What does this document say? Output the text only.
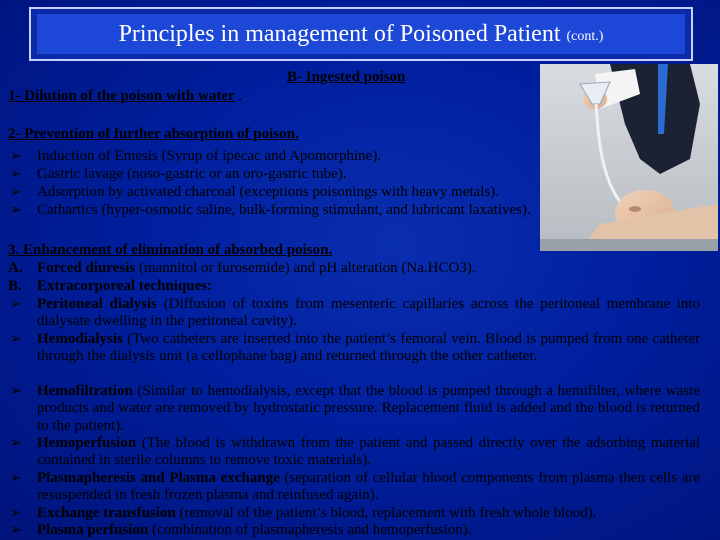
Principles in management of Poisoned Patient (cont.)
B- Ingested poison
1- Dilution of the poison with water .
2- Prevention of further absorption of poison.
➢ Induction of Emesis (Syrup of ipecac and Apomorphine).
➢ Gastric lavage (noso-gastric or an oro-gastric tube).
➢ Adsorption by activated charcoal (exceptions poisonings with heavy metals).
➢ Cathartics (hyper-osmotic saline, bulk-forming stimulant, and lubricant laxatives).
3. Enhancement of elimination of absorbed poison.
A. Forced diuresis (mannitol or furosemide) and pH alteration (Na.HCO3).
B. Extracorporeal techniques:
➢ Peritoneal dialysis (Diffusion of toxins from mesenteric capillaries across the peritoneal membrane into dialysate dwelling in the peritoneal cavity).
➢ Hemodialysis (Two catheters are inserted into the patient’s femoral vein. Blood is pumped from one catheter through the dialysis unit (a cellophane bag) and returned through the other catheter.
➢ Hemofiltration (Similar to hemodialysis, except that the blood is pumped through a hemifilter, where waste products and water are removed by hydrostatic pressure. Replacement fluid is added and the blood is returned to the patient).
➢ Hemoperfusion (The blood is withdrawn from the patient and passed directly over the adsorbing material contained in sterile columns to remove toxic materials).
➢ Plasmapheresis and Plasma exchange (separation of cellular blood components from plasma then cells are resuspended in fresh frozen plasma and reinfused again).
➢ Exchange transfusion (removal of the patient’s blood, replacement with fresh whole blood).
➢ Plasma perfusion (combination of plasmapheresis and hemoperfusion).
